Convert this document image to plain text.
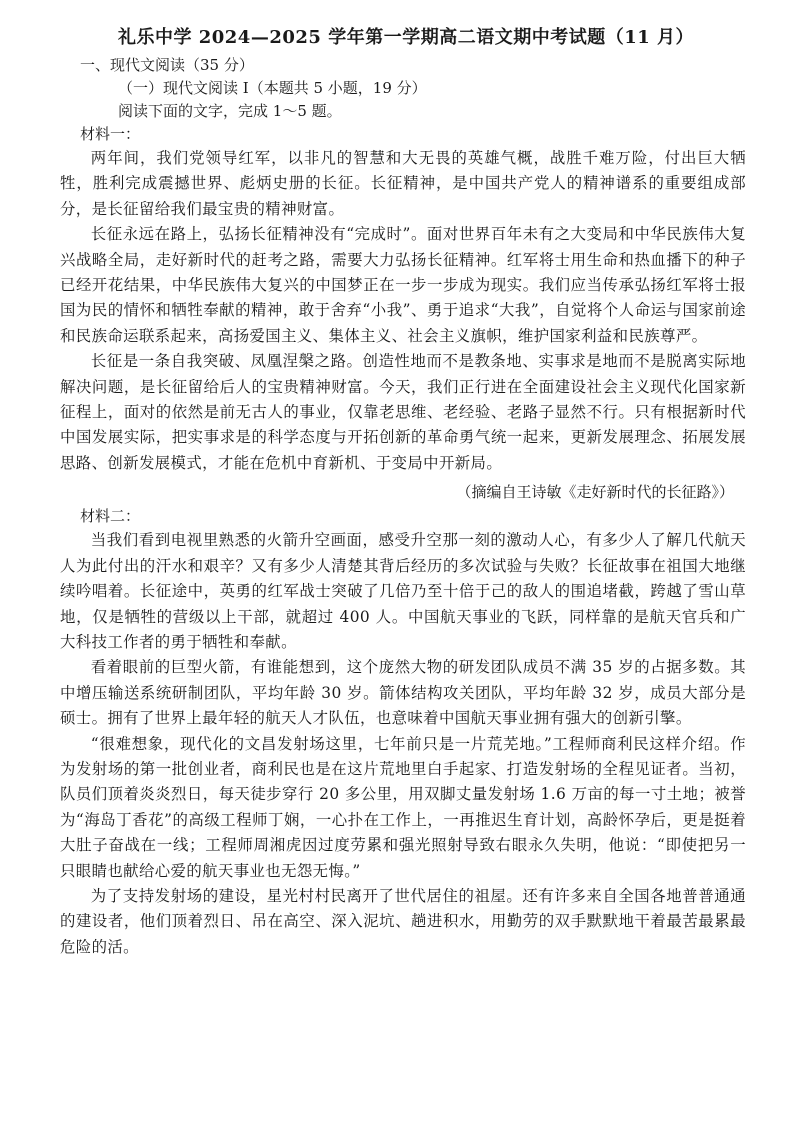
礼乐中学 2024—2025 学年第一学期高二语文期中考试题（11 月）
一、现代文阅读（35 分）
（一）现代文阅读 I（本题共 5 小题，19 分）
阅读下面的文字，完成 1～5 题。
材料一：

两年间，我们党领导红军，以非凡的智慧和大无畏的英雄气概，战胜千难万险，付出巨大牺牲，胜利完成震撼世界、彪炳史册的长征。长征精神，是中国共产党人的精神谱系的重要组成部分，是长征留给我们最宝贵的精神财富。

长征永远在路上，弘扬长征精神没有“完成时”。面对世界百年未有之大变局和中华民族伟大复兴战略全局，走好新时代的赶考之路，需要大力弘扬长征精神。红军将士用生命和热血播下的种子已经开花结果，中华民族伟大复兴的中国梦正在一步一步成为现实。我们应当传承弘扬红军将士报国为民的情怀和牺牲奉献的精神，敢于舍弃“小我”、勇于追求“大我”，自觉将个人命运与国家前途和民族命运联系起来，高扬爱国主义、集体主义、社会主义旗帜，维护国家利益和民族尊严。

长征是一条自我突破、凤凰涅槃之路。创造性地而不是教条地、实事求是地而不是脱离实际地解决问题，是长征留给后人的宝贵精神财富。今天，我们正行进在全面建设社会主义现代化国家新征程上，面对的依然是前无古人的事业，仅靠老思维、老经验、老路子显然不行。只有根据新时代中国发展实际，把实事求是的科学态度与开拓创新的革命勇气统一起来，更新发展理念、拓展发展思路、创新发展模式，才能在危机中育新机、于变局中开新局。

（摘编自王诗敏《走好新时代的长征路》）
材料二：

当我们看到电视里熟悉的火箭升空画面，感受升空那一刻的激动人心，有多少人了解几代航天人为此付出的汗水和艰辛？又有多少人清楚其背后经历的多次试验与失败？长征故事在祖国大地继续吟唱着。长征途中，英勇的红军战士突破了几倍乃至十倍于己的敌人的围追堵截，跨越了雪山草地，仅是牺牲的营级以上干部，就超过 400 人。中国航天事业的飞跃，同样靠的是航天官兵和广大科技工作者的勇于牺牲和奉献。

看着眼前的巨型火箭，有谁能想到，这个庞然大物的研发团队成员不满 35 岁的占据多数。其中增压输送系统研制团队，平均年龄 30 岁。箭体结构攻关团队，平均年龄 32 岁，成员大部分是硕士。拥有了世界上最年轻的航天人才队伍，也意味着中国航天事业拥有强大的创新引擎。

“很难想象，现代化的文昌发射场这里，七年前只是一片荒芜地。”工程师商利民这样介绍。作为发射场的第一批创业者，商利民也是在这片荒地里白手起家、打造发射场的全程见证者。当初，队员们顶着炎炎烈日，每天徒步穿行 20 多公里，用双脚丈量发射场 1.6 万亩的每一寸土地；被誉为“海岛丁香花”的高级工程师丁娴，一心扑在工作上，一再推迟生育计划，高龄怀孕后，更是挺着大肚子奋战在一线；工程师周湘虎因过度劳累和强光照射导致右眼永久失明，他说：“即使把另一只眼睛也献给心爱的航天事业也无怨无悔。”

为了支持发射场的建设，星光村村民离开了世代居住的祖屋。还有许多来自全国各地普普通通的建设者，他们顶着烈日、吊在高空、深入泥坑、趟进积水，用勤劳的双手默默地干着最苦最累最危险的活。
